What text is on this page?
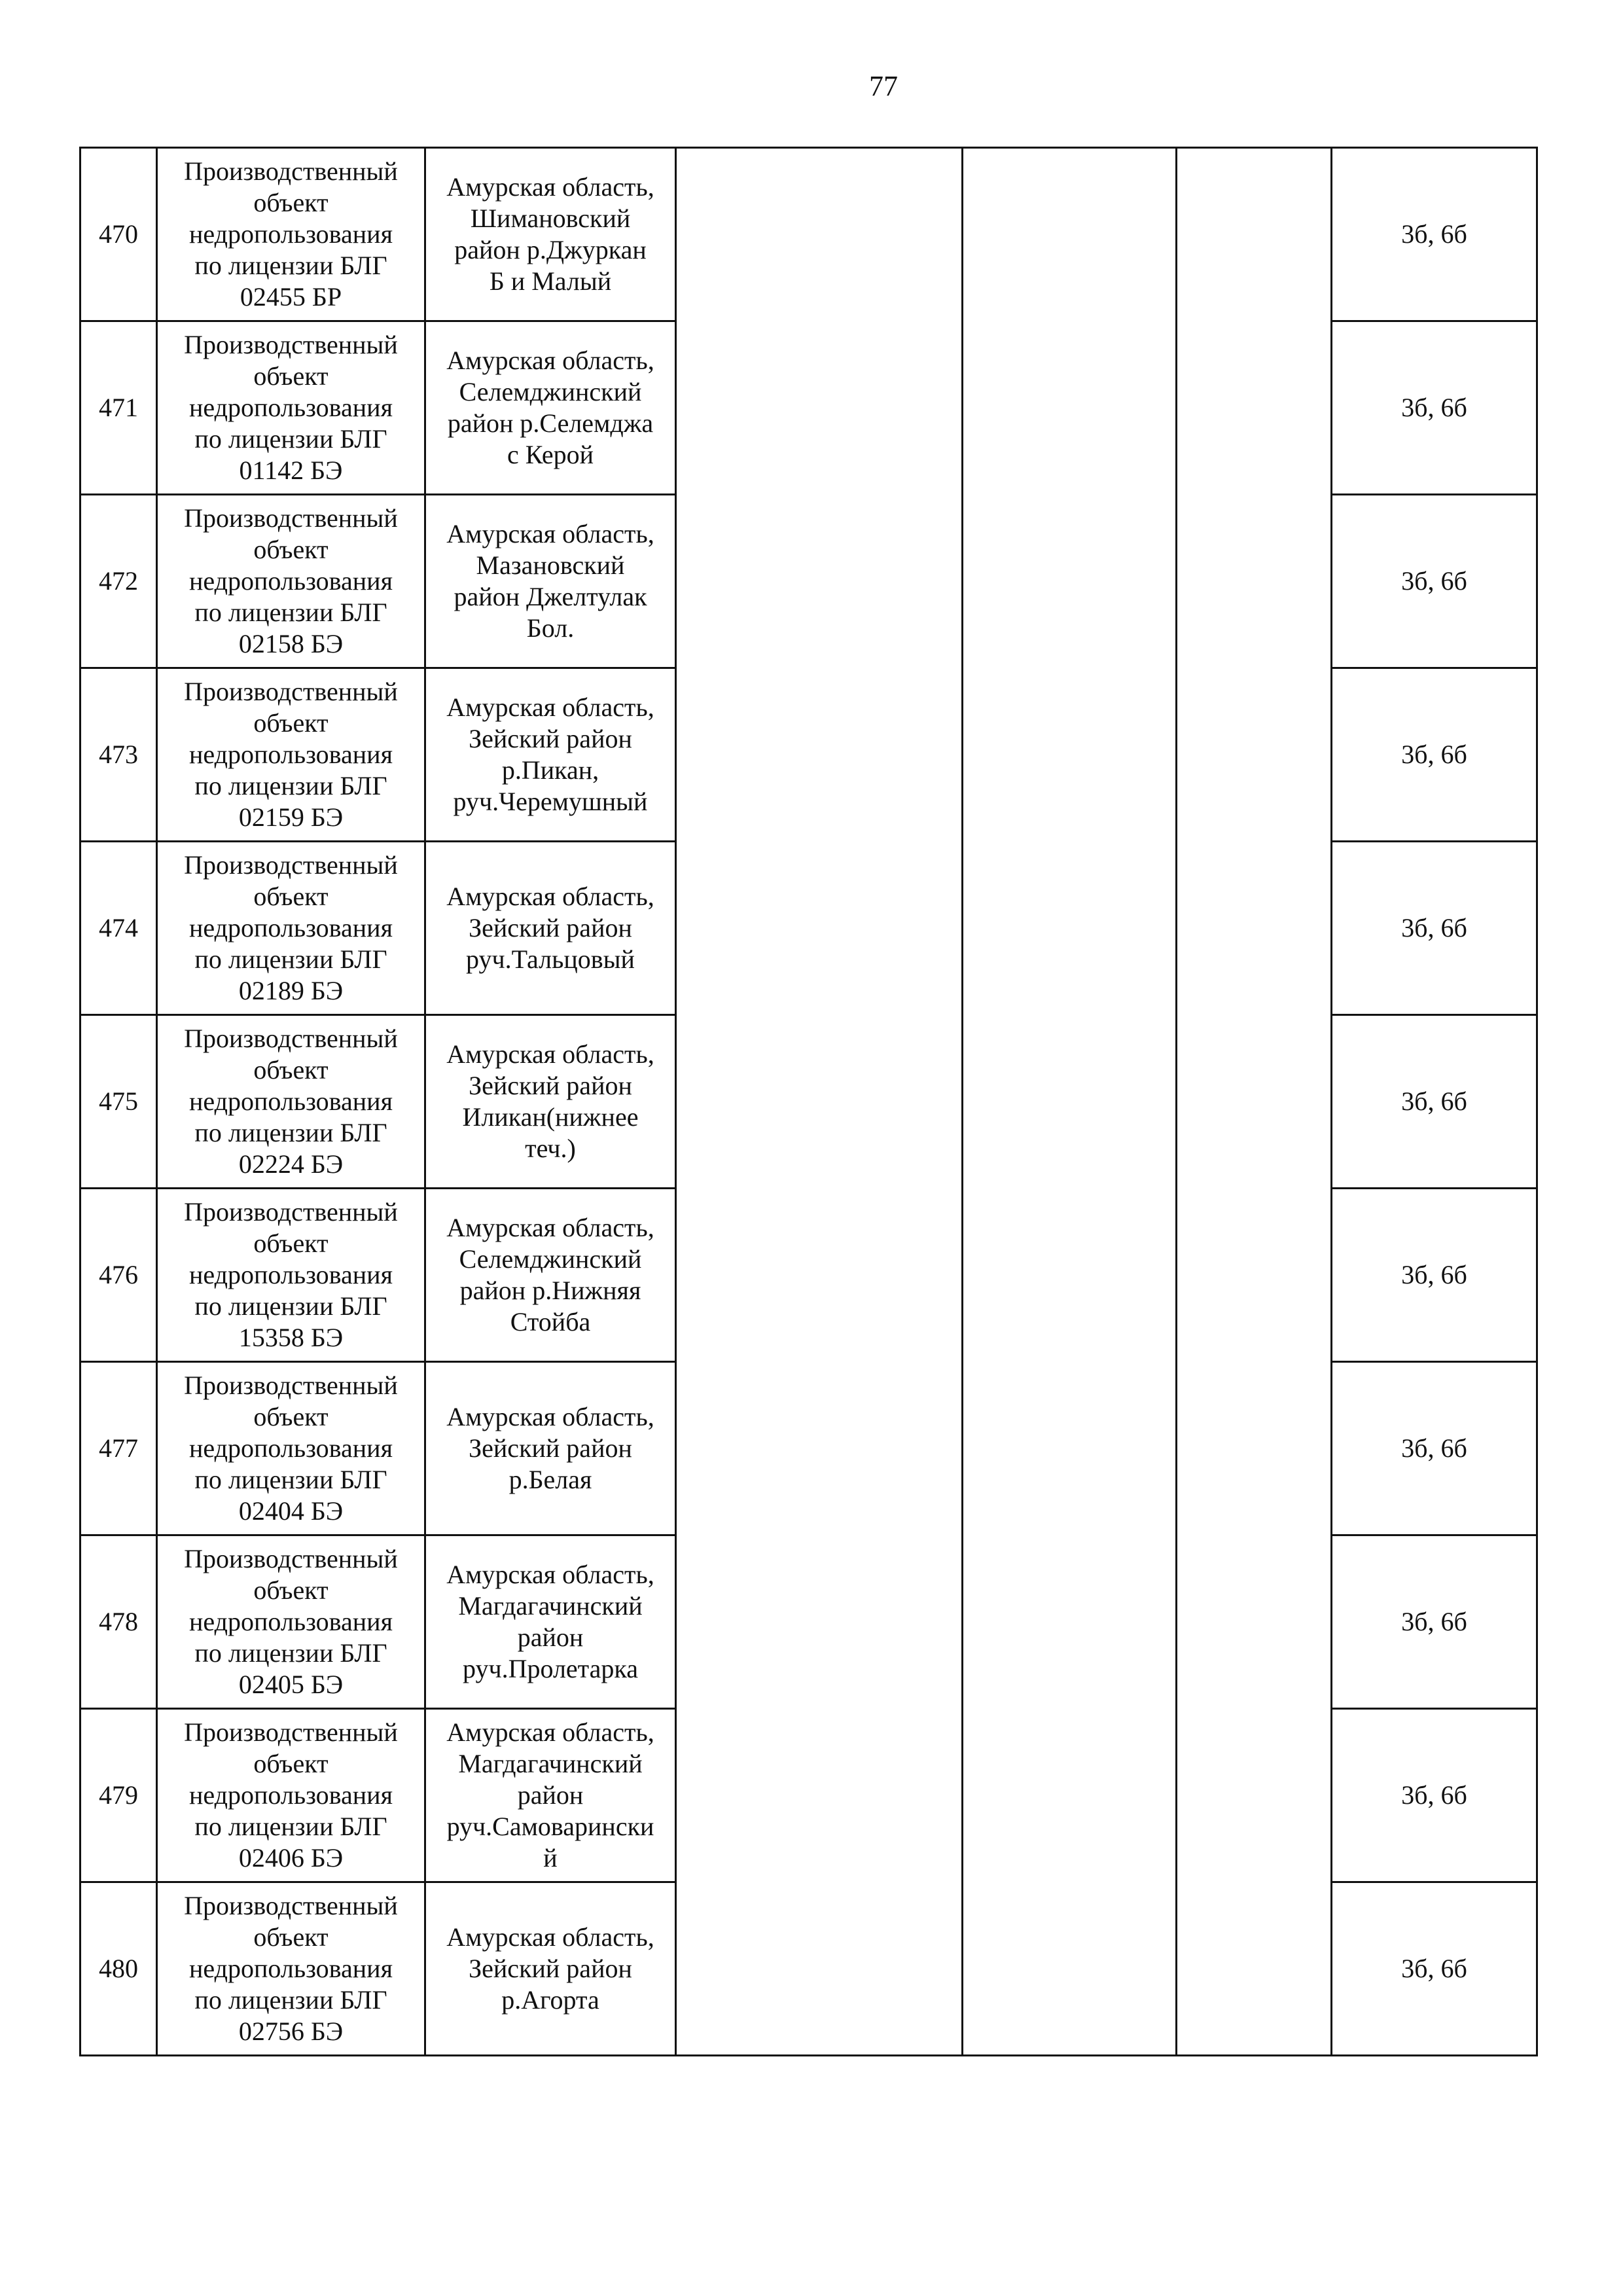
77
470	Производственный
объект
недропользования
по лицензии БЛГ
02455 БР	Амурская область,
Шимановский
район р.Джуркан
Б и Малый				3б, 6б

471	Производственный
объект
недропользования
по лицензии БЛГ
01142 БЭ	Амурская область,
Селемджинский
район р.Селемджа
с Керой				3б, 6б

472	Производственный
объект
недропользования
по лицензии БЛГ
02158 БЭ	Амурская область,
Мазановский
район Джелтулак
Бол.				3б, 6б

473	Производственный
объект
недропользования
по лицензии БЛГ
02159 БЭ	Амурская область,
Зейский район
р.Пикан,
руч.Черемушный				3б, 6б

474	Производственный
объект
недропользования
по лицензии БЛГ
02189 БЭ	Амурская область,
Зейский район
руч.Тальцовый				3б, 6б

475	Производственный
объект
недропользования
по лицензии БЛГ
02224 БЭ	Амурская область,
Зейский район
Иликан(нижнее
теч.)				3б, 6б

476	Производственный
объект
недропользования
по лицензии БЛГ
15358 БЭ	Амурская область,
Селемджинский
район р.Нижняя
Стойба				3б, 6б

477	Производственный
объект
недропользования
по лицензии БЛГ
02404 БЭ	Амурская область,
Зейский район
р.Белая				3б, 6б

478	Производственный
объект
недропользования
по лицензии БЛГ
02405 БЭ	Амурская область,
Магдагачинский
район
руч.Пролетарка				3б, 6б

479	Производственный
объект
недропользования
по лицензии БЛГ
02406 БЭ	Амурская область,
Магдагачинский
район
руч.Самоварински
й				3б, 6б

480	Производственный
объект
недропользования
по лицензии БЛГ
02756 БЭ	Амурская область,
Зейский район
р.Агорта				3б, 6б
